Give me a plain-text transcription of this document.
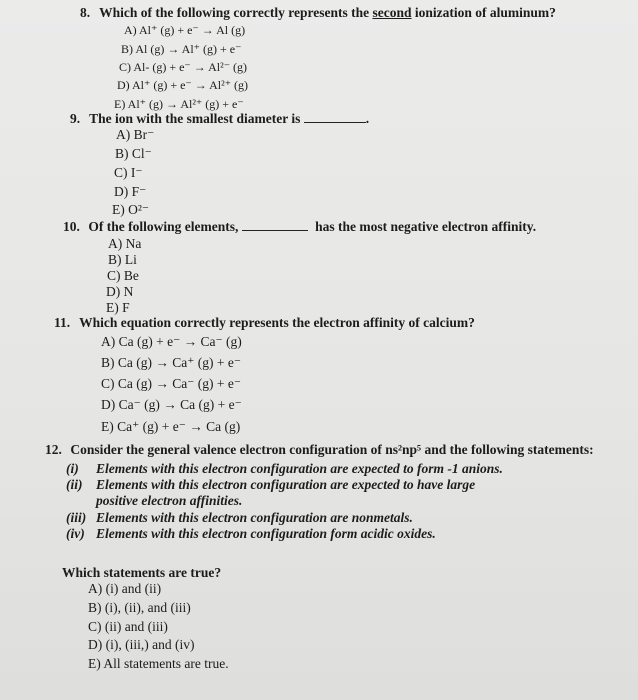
8. Which of the following correctly represents the second ionization of aluminum?
A) Al⁺ (g) + e⁻ → Al (g)
B) Al (g) → Al⁺ (g) + e⁻
C) Al- (g) + e⁻ → Al²⁻ (g)
D) Al⁺ (g) + e⁻ → Al²⁺ (g)
E) Al⁺ (g) → Al²⁺ (g) + e⁻
9. The ion with the smallest diameter is	.
A) Br⁻
B) Cl⁻
C) I⁻
D) F⁻
E) O²⁻
10. Of the following elements,	has the most negative electron affinity.
A) Na
B) Li
C) Be
D) N
E) F
11. Which equation correctly represents the electron affinity of calcium?
A) Ca (g) + e⁻ → Ca⁻ (g)
B) Ca (g) → Ca⁺ (g) + e⁻
C) Ca (g) → Ca⁻ (g) + e⁻
D) Ca⁻ (g) → Ca (g) + e⁻
E) Ca⁺ (g) + e⁻ → Ca (g)
12. Consider the general valence electron configuration of ns²np⁵ and the following statements:
(i) Elements with this electron configuration are expected to form -1 anions.
(ii) Elements with this electron configuration are expected to have large
positive electron affinities.
(iii) Elements with this electron configuration are nonmetals.
(iv) Elements with this electron configuration form acidic oxides.
Which statements are true?
A) (i) and (ii)
B) (i), (ii), and (iii)
C) (ii) and (iii)
D) (i), (iii,) and (iv)
E) All statements are true.
